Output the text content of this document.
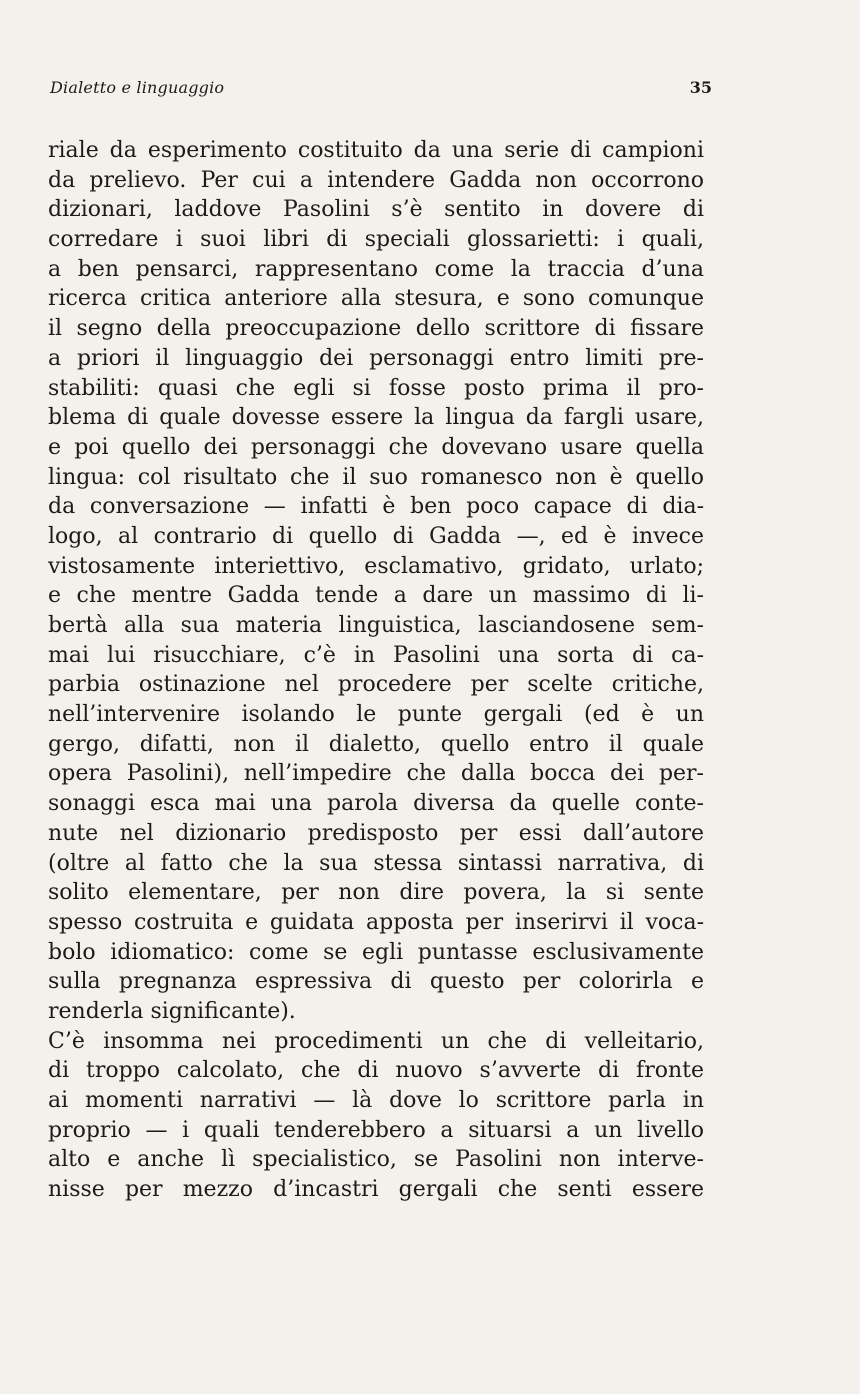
Dialetto e linguaggio	35
riale da esperimento costituito da una serie di campioni
da prelievo. Per cui a intendere Gadda non occorrono
dizionari, laddove Pasolini s’è sentito in dovere di
corredare i suoi libri di speciali glossarietti: i quali,
a ben pensarci, rappresentano come la traccia d’una
ricerca critica anteriore alla stesura, e sono comunque
il segno della preoccupazione dello scrittore di fissare
a priori il linguaggio dei personaggi entro limiti pre-
stabiliti: quasi che egli si fosse posto prima il pro-
blema di quale dovesse essere la lingua da fargli usare,
e poi quello dei personaggi che dovevano usare quella
lingua: col risultato che il suo romanesco non è quello
da conversazione — infatti è ben poco capace di dia-
logo, al contrario di quello di Gadda —, ed è invece
vistosamente interiettivo, esclamativo, gridato, urlato;
e che mentre Gadda tende a dare un massimo di li-
bertà alla sua materia linguistica, lasciandosene sem-
mai lui risucchiare, c’è in Pasolini una sorta di ca-
parbia ostinazione nel procedere per scelte critiche,
nell’intervenire isolando le punte gergali (ed è un
gergo, difatti, non il dialetto, quello entro il quale
opera Pasolini), nell’impedire che dalla bocca dei per-
sonaggi esca mai una parola diversa da quelle conte-
nute nel dizionario predisposto per essi dall’autore
(oltre al fatto che la sua stessa sintassi narrativa, di
solito elementare, per non dire povera, la si sente
spesso costruita e guidata apposta per inserirvi il voca-
bolo idiomatico: come se egli puntasse esclusivamente
sulla pregnanza espressiva di questo per colorirla e
renderla significante).
C’è insomma nei procedimenti un che di velleitario,
di troppo calcolato, che di nuovo s’avverte di fronte
ai momenti narrativi — là dove lo scrittore parla in
proprio — i quali tenderebbero a situarsi a un livello
alto e anche lì specialistico, se Pasolini non interve-
nisse per mezzo d’incastri gergali che senti essere
